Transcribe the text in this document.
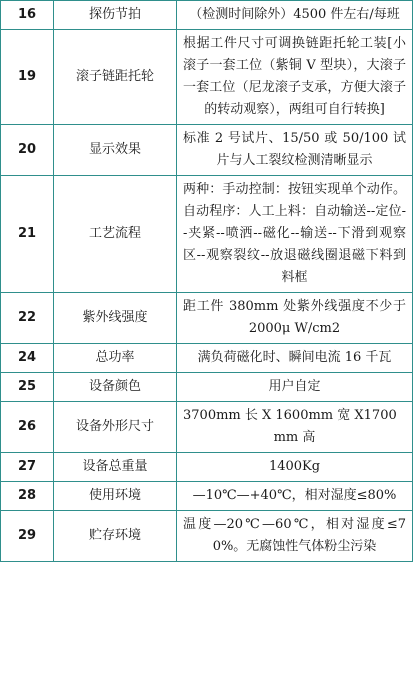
16	探伤节拍	（检测时间除外）4500 件左右/每班
19	滚子链距托轮	根据工件尺寸可调换链距托轮工装[小滚子一套工位（紫铜 V 型块），大滚子一套工位（尼龙滚子支承，方便大滚子的转动观察），两组可自行转换]
20	显示效果	标准 2 号试片、15/50 或 50/100 试片与人工裂纹检测清晰显示
21	工艺流程	两种：手动控制：按钮实现单个动作。自动程序：人工上料：自动输送--定位--夹紧--喷洒--磁化--输送--下滑到观察区--观察裂纹--放退磁线圈退磁下料到料框
22	紫外线强度	距工件 380mm 处紫外线强度不少于 2000μ W/cm2
24	总功率	满负荷磁化时、瞬间电流 16 千瓦
25	设备颜色	用户自定
26	设备外形尺寸	3700mm 长 X 1600mm 宽 X1700mm 高
27	设备总重量	1400Kg
28	使用环境	—10℃—+40℃，相对湿度≤80%
29	贮存环境	温度—20℃—60℃，相对湿度≤70%。无腐蚀性气体粉尘污染
